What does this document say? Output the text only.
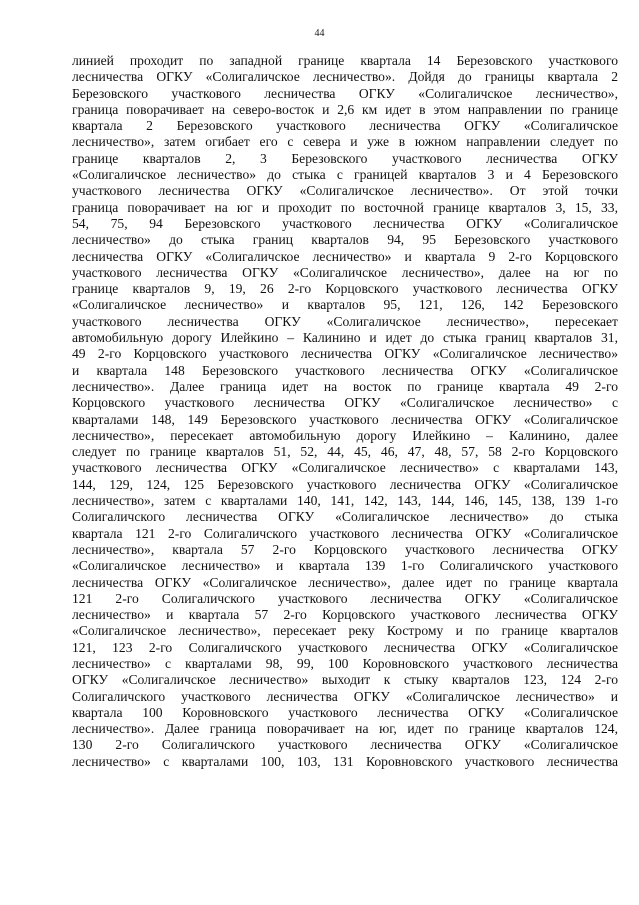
44
линией проходит по западной границе квартала 14 Березовского участкового
лесничества ОГКУ «Солигаличское лесничество». Дойдя до границы квартала 2
Березовского участкового лесничества ОГКУ «Солигаличское лесничество»,
граница поворачивает на северо-восток и 2,6 км идет в этом направлении по границе
квартала 2 Березовского участкового лесничества ОГКУ «Солигаличское
лесничество», затем огибает его с севера и уже в южном направлении следует по
границе кварталов 2, 3 Березовского участкового лесничества ОГКУ
«Солигаличское лесничество» до стыка с границей кварталов 3 и 4 Березовского
участкового лесничества ОГКУ «Солигаличское лесничество». От этой точки
граница поворачивает на юг и проходит по восточной границе кварталов 3, 15, 33,
54, 75, 94 Березовского участкового лесничества ОГКУ «Солигаличское
лесничество» до стыка границ кварталов 94, 95 Березовского участкового
лесничества ОГКУ «Солигаличское лесничество» и квартала 9 2-го Корцовского
участкового лесничества ОГКУ «Солигаличское лесничество», далее на юг по
границе кварталов 9, 19, 26 2-го Корцовского участкового лесничества ОГКУ
«Солигаличское лесничество» и кварталов 95, 121, 126, 142 Березовского
участкового лесничества ОГКУ «Солигаличское лесничество», пересекает
автомобильную дорогу Илейкино – Калинино и идет до стыка границ кварталов 31,
49 2-го Корцовского участкового лесничества ОГКУ «Солигаличское лесничество»
и квартала 148 Березовского участкового лесничества ОГКУ «Солигаличское
лесничество». Далее граница идет на восток по границе квартала 49 2-го
Корцовского участкового лесничества ОГКУ «Солигаличское лесничество» с
кварталами 148, 149 Березовского участкового лесничества ОГКУ «Солигаличское
лесничество», пересекает автомобильную дорогу Илейкино – Калинино, далее
следует по границе кварталов 51, 52, 44, 45, 46, 47, 48, 57, 58 2-го Корцовского
участкового лесничества ОГКУ «Солигаличское лесничество» с кварталами 143,
144, 129, 124, 125 Березовского участкового лесничества ОГКУ «Солигаличское
лесничество», затем с кварталами 140, 141, 142, 143, 144, 146, 145, 138, 139 1-го
Солигаличского лесничества ОГКУ «Солигаличское лесничество» до стыка
квартала 121 2-го Солигаличского участкового лесничества ОГКУ «Солигаличское
лесничество», квартала 57 2-го Корцовского участкового лесничества ОГКУ
«Солигаличское лесничество» и квартала 139 1-го Солигаличского участкового
лесничества ОГКУ «Солигаличское лесничество», далее идет по границе квартала
121 2-го Солигаличского участкового лесничества ОГКУ «Солигаличское
лесничество» и квартала 57 2-го Корцовского участкового лесничества ОГКУ
«Солигаличское лесничество», пересекает реку Кострому и по границе кварталов
121, 123 2-го Солигаличского участкового лесничества ОГКУ «Солигаличское
лесничество» с кварталами 98, 99, 100 Коровновского участкового лесничества
ОГКУ «Солигаличское лесничество» выходит к стыку кварталов 123, 124 2-го
Солигаличского участкового лесничества ОГКУ «Солигаличское лесничество» и
квартала 100 Коровновского участкового лесничества ОГКУ «Солигаличское
лесничество». Далее граница поворачивает на юг, идет по границе кварталов 124,
130 2-го Солигаличского участкового лесничества ОГКУ «Солигаличское
лесничество» с кварталами 100, 103, 131 Коровновского участкового лесничества
